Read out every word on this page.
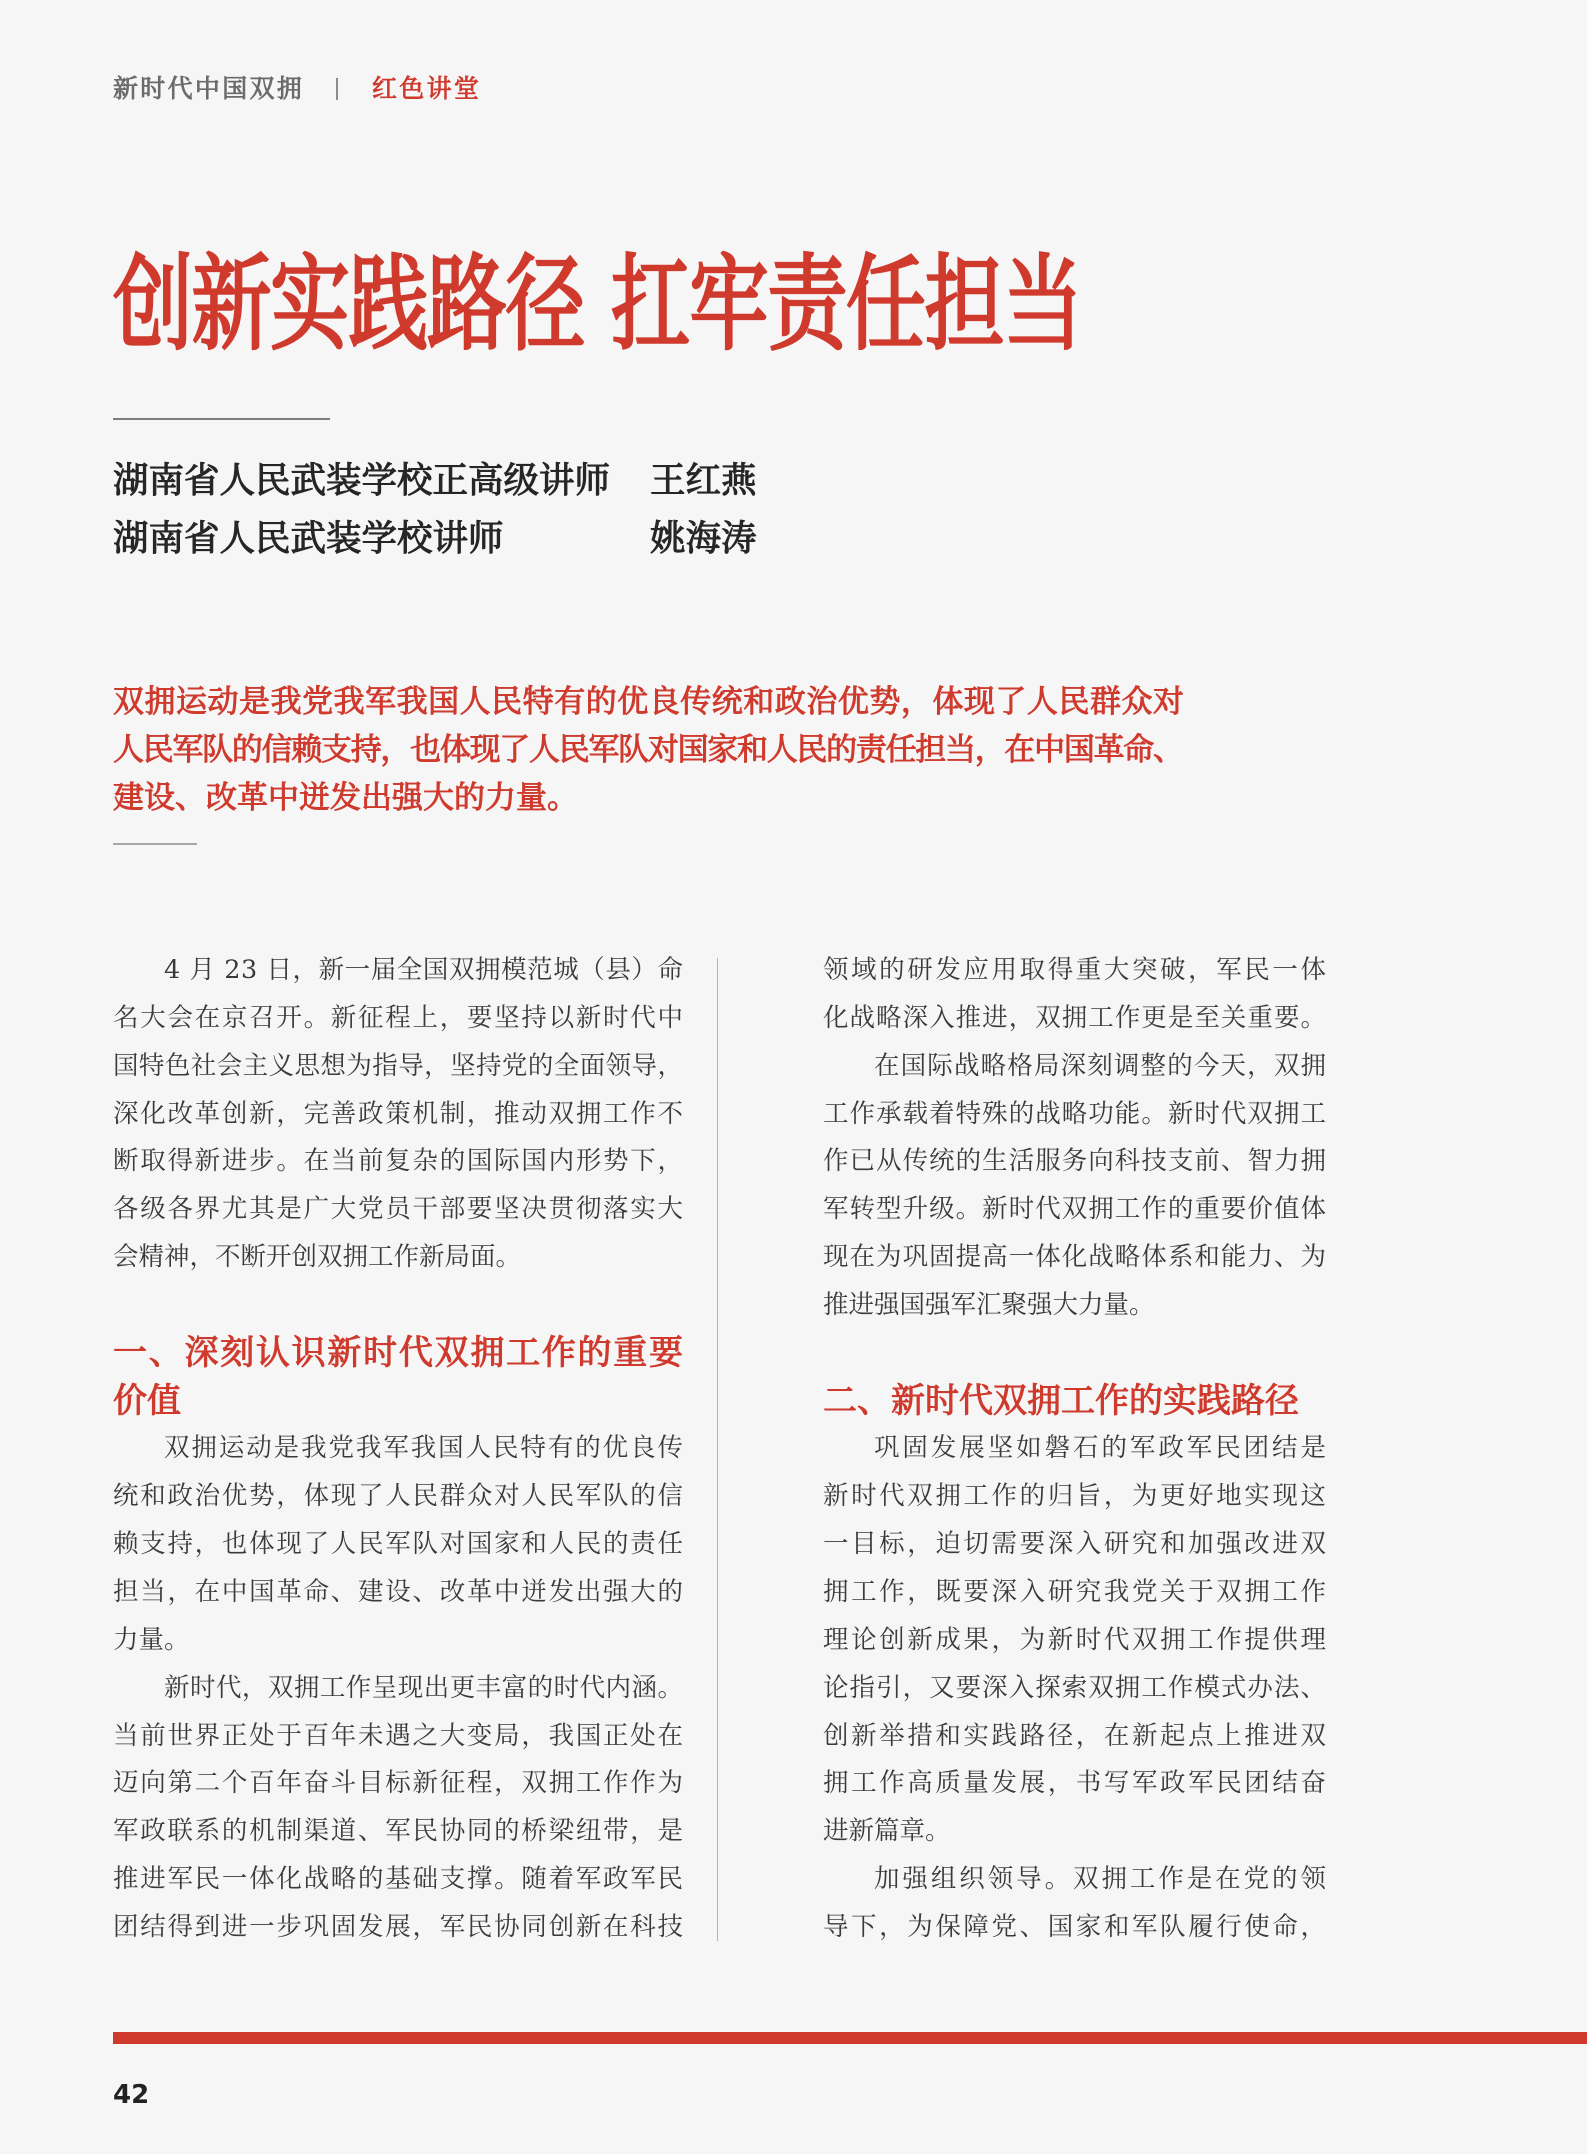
新时代中国双拥	红色讲堂
创新实践路径 扛牢责任担当
湖南省人民武装学校正高级讲师 王红燕
湖南省人民武装学校讲师	姚海涛
双拥运动是我党我军我国人民特有的优良传统和政治优势，体现了人民群众对
人民军队的信赖支持，也体现了人民军队对国家和人民的责任担当，在中国革命、
建设、改革中迸发出强大的力量。
4 月 23 日，新一届全国双拥模范城（县）命
名大会在京召开。新征程上，要坚持以新时代中
国特色社会主义思想为指导，坚持党的全面领导，
深化改革创新，完善政策机制，推动双拥工作不
断取得新进步。在当前复杂的国际国内形势下，
各级各界尤其是广大党员干部要坚决贯彻落实大
会精神，不断开创双拥工作新局面。
一、深刻认识新时代双拥工作的重要
价值
双拥运动是我党我军我国人民特有的优良传
统和政治优势，体现了人民群众对人民军队的信
赖支持，也体现了人民军队对国家和人民的责任
担当，在中国革命、建设、改革中迸发出强大的
力量。
新时代，双拥工作呈现出更丰富的时代内涵。
当前世界正处于百年未遇之大变局，我国正处在
迈向第二个百年奋斗目标新征程，双拥工作作为
军政联系的机制渠道、军民协同的桥梁纽带，是
推进军民一体化战略的基础支撑。随着军政军民
团结得到进一步巩固发展，军民协同创新在科技
领域的研发应用取得重大突破，军民一体
化战略深入推进，双拥工作更是至关重要。
在国际战略格局深刻调整的今天，双拥
工作承载着特殊的战略功能。新时代双拥工
作已从传统的生活服务向科技支前、智力拥
军转型升级。新时代双拥工作的重要价值体
现在为巩固提高一体化战略体系和能力、为
推进强国强军汇聚强大力量。
二、新时代双拥工作的实践路径
巩固发展坚如磐石的军政军民团结是
新时代双拥工作的归旨，为更好地实现这
一目标，迫切需要深入研究和加强改进双
拥工作，既要深入研究我党关于双拥工作
理论创新成果，为新时代双拥工作提供理
论指引，又要深入探索双拥工作模式办法、
创新举措和实践路径，在新起点上推进双
拥工作高质量发展，书写军政军民团结奋
进新篇章。
加强组织领导。双拥工作是在党的领
导下，为保障党、国家和军队履行使命，
42
